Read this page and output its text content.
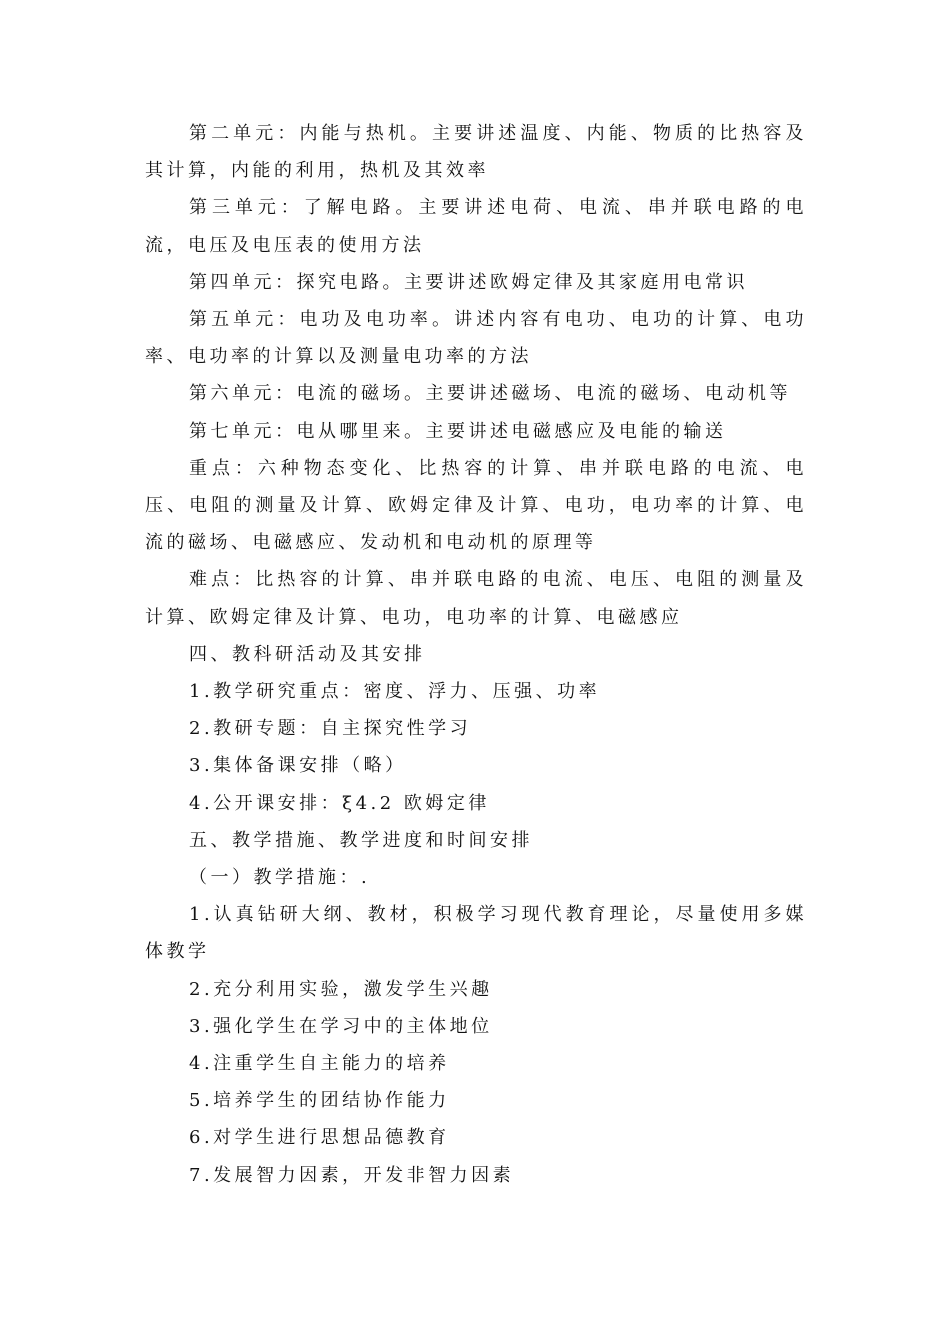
第二单元：内能与热机。主要讲述温度、内能、物质的比热容及其计算，内能的利用，热机及其效率

第三单元：了解电路。主要讲述电荷、电流、串并联电路的电流，电压及电压表的使用方法

第四单元：探究电路。主要讲述欧姆定律及其家庭用电常识

第五单元：电功及电功率。讲述内容有电功、电功的计算、电功率、电功率的计算以及测量电功率的方法

第六单元：电流的磁场。主要讲述磁场、电流的磁场、电动机等

第七单元：电从哪里来。主要讲述电磁感应及电能的输送

重点：六种物态变化、比热容的计算、串并联电路的电流、电压、电阻的测量及计算、欧姆定律及计算、电功，电功率的计算、电流的磁场、电磁感应、发动机和电动机的原理等

难点：比热容的计算、串并联电路的电流、电压、电阻的测量及计算、欧姆定律及计算、电功，电功率的计算、电磁感应

四、教科研活动及其安排

1.教学研究重点：密度、浮力、压强、功率

2.教研专题：自主探究性学习

3.集体备课安排（略）

4.公开课安排：ξ4.2 欧姆定律

五、教学措施、教学进度和时间安排

（一）教学措施：.

1.认真钻研大纲、教材，积极学习现代教育理论，尽量使用多媒体教学

2.充分利用实验，激发学生兴趣

3.强化学生在学习中的主体地位

4.注重学生自主能力的培养

5.培养学生的团结协作能力

6.对学生进行思想品德教育

7.发展智力因素，开发非智力因素
